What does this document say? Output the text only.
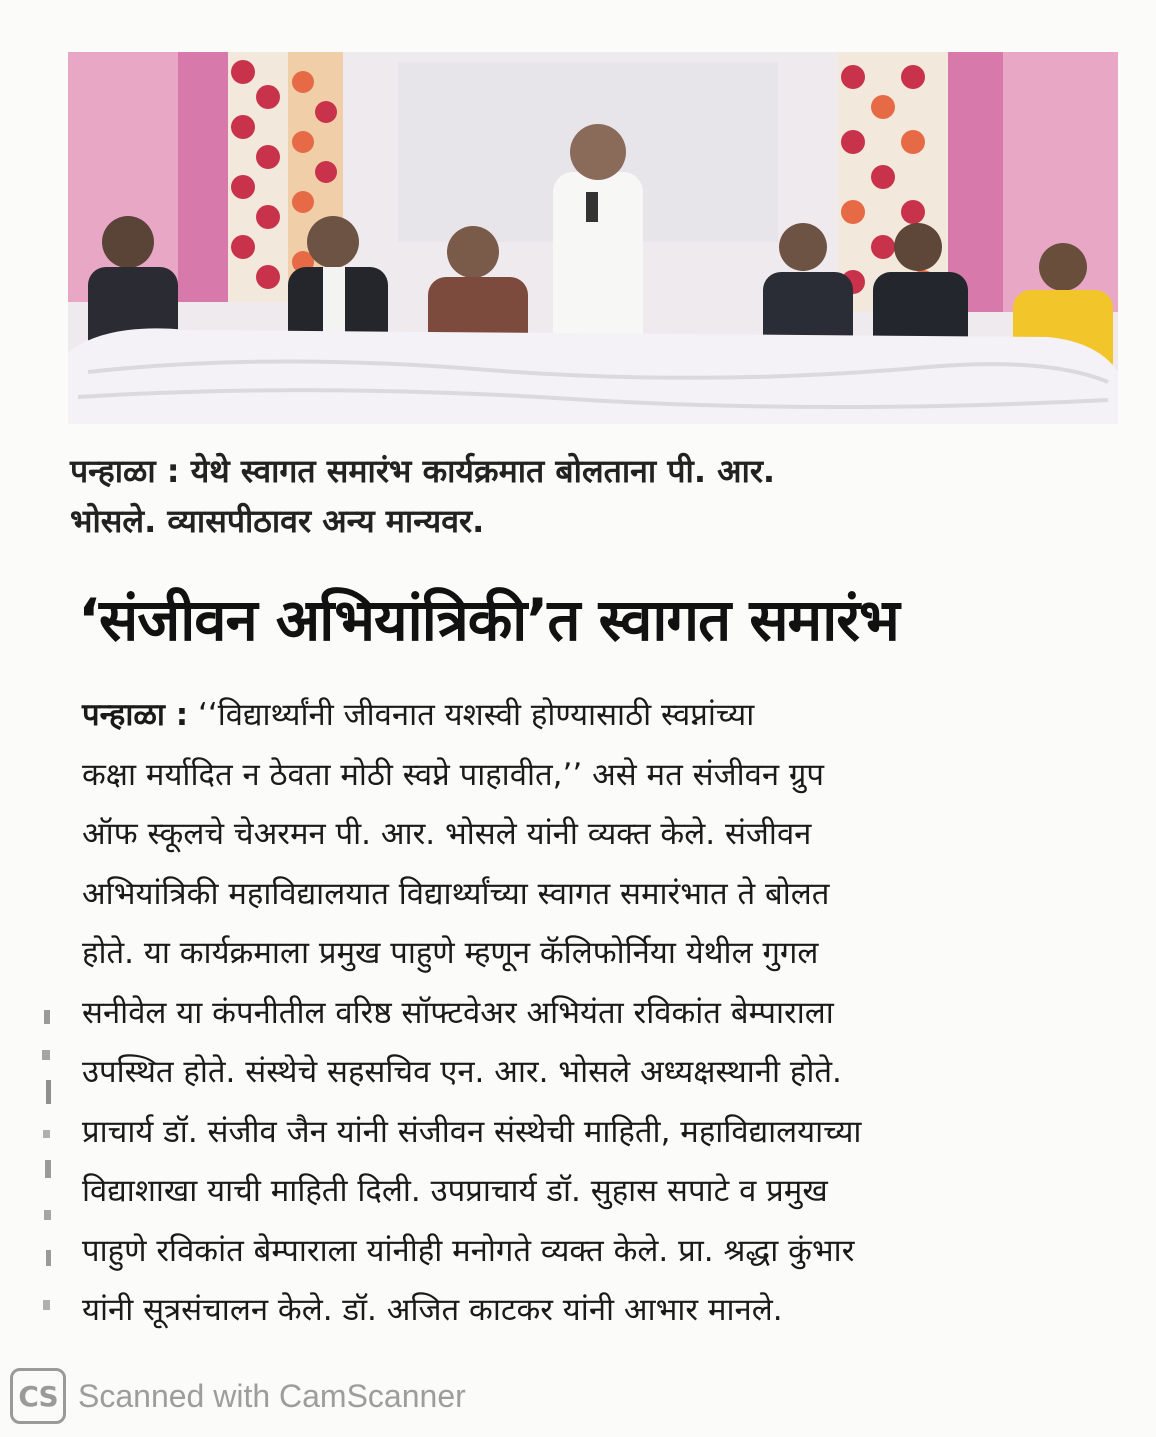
पन्हाळा : येथे स्वागत समारंभ कार्यक्रमात बोलताना पी. आर.
भोसले. व्यासपीठावर अन्य मान्यवर.
‘संजीवन अभियांत्रिकी’त स्वागत समारंभ
पन्हाळा : ‘‘विद्यार्थ्यांनी जीवनात यशस्वी होण्यासाठी स्वप्नांच्या
कक्षा मर्यादित न ठेवता मोठी स्वप्ने पाहावीत,’’ असे मत संजीवन ग्रुप
ऑफ स्कूलचे चेअरमन पी. आर. भोसले यांनी व्यक्त केले. संजीवन
अभियांत्रिकी महाविद्यालयात विद्यार्थ्यांच्या स्वागत समारंभात ते बोलत
होते. या कार्यक्रमाला प्रमुख पाहुणे म्हणून कॅलिफोर्निया येथील गुगल
सनीवेल या कंपनीतील वरिष्ठ सॉफ्टवेअर अभियंता रविकांत बेम्पाराला
उपस्थित होते. संस्थेचे सहसचिव एन. आर. भोसले अध्यक्षस्थानी होते.
प्राचार्य डॉ. संजीव जैन यांनी संजीवन संस्थेची माहिती, महाविद्यालयाच्या
विद्याशाखा याची माहिती दिली. उपप्राचार्य डॉ. सुहास सपाटे व प्रमुख
पाहुणे रविकांत बेम्पाराला यांनीही मनोगते व्यक्त केले. प्रा. श्रद्धा कुंभार
यांनी सूत्रसंचालन केले. डॉ. अजित काटकर यांनी आभार मानले.
CS Scanned with CamScanner
